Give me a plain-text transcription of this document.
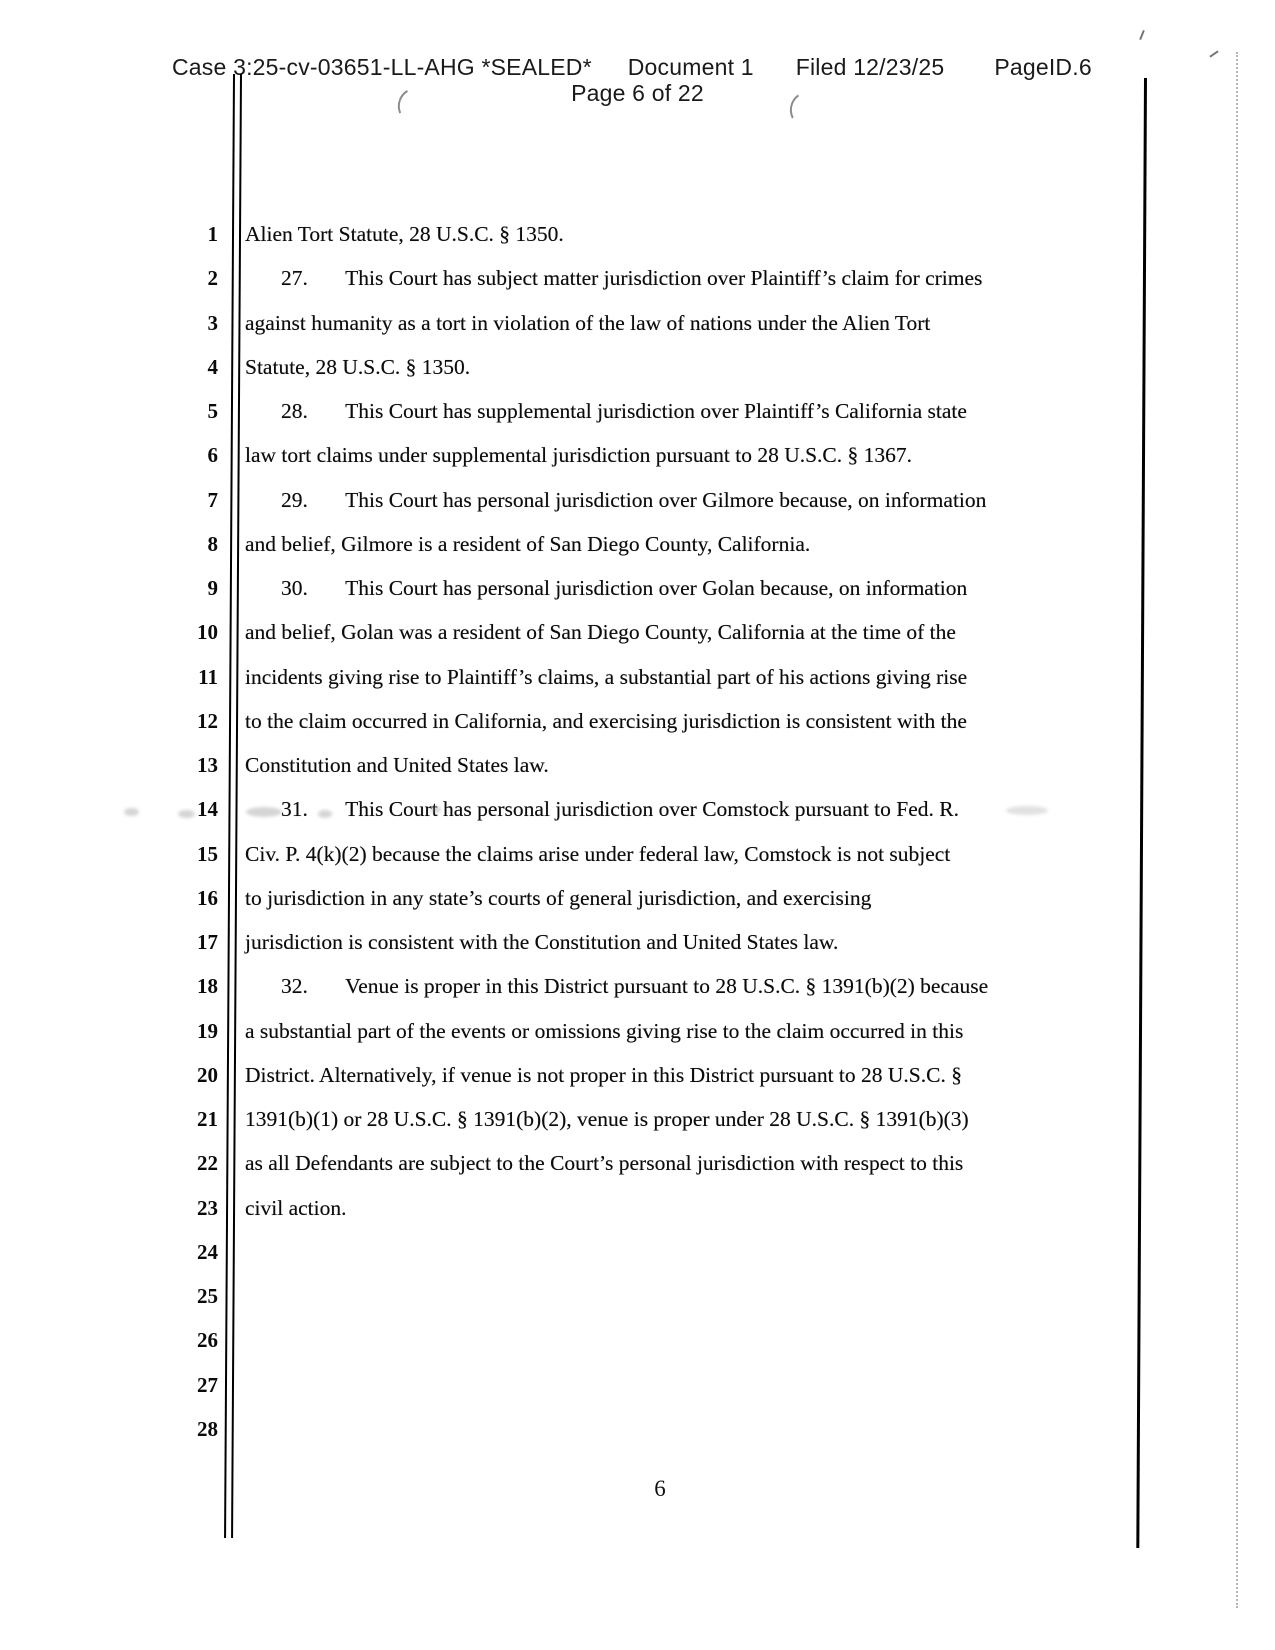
Case 3:25-cv-03651-LL-AHG *SEALED* Document 1 Filed 12/23/25 PageID.6
Page 6 of 22
1	Alien Tort Statute, 28 U.S.C. § 1350.
2	27.       This Court has subject matter jurisdiction over Plaintiff’s claim for crimes
3	against humanity as a tort in violation of the law of nations under the Alien Tort
4	Statute, 28 U.S.C. § 1350.
5	28.       This Court has supplemental jurisdiction over Plaintiff’s California state
6	law tort claims under supplemental jurisdiction pursuant to 28 U.S.C. § 1367.
7	29.       This Court has personal jurisdiction over Gilmore because, on information
8	and belief, Gilmore is a resident of San Diego County, California.
9	30.       This Court has personal jurisdiction over Golan because, on information
10	and belief, Golan was a resident of San Diego County, California at the time of the
11	incidents giving rise to Plaintiff’s claims, a substantial part of his actions giving rise
12	to the claim occurred in California, and exercising jurisdiction is consistent with the
13	Constitution and United States law.
14	31.       This Court has personal jurisdiction over Comstock pursuant to Fed. R.
15	Civ. P. 4(k)(2) because the claims arise under federal law, Comstock is not subject
16	to jurisdiction in any state’s courts of general jurisdiction, and exercising
17	jurisdiction is consistent with the Constitution and United States law.
18	32.       Venue is proper in this District pursuant to 28 U.S.C. § 1391(b)(2) because
19	a substantial part of the events or omissions giving rise to the claim occurred in this
20	District. Alternatively, if venue is not proper in this District pursuant to 28 U.S.C. §
21	1391(b)(1) or 28 U.S.C. § 1391(b)(2), venue is proper under 28 U.S.C. § 1391(b)(3)
22	as all Defendants are subject to the Court’s personal jurisdiction with respect to this
23	civil action.
24
25
26
27
28
6
